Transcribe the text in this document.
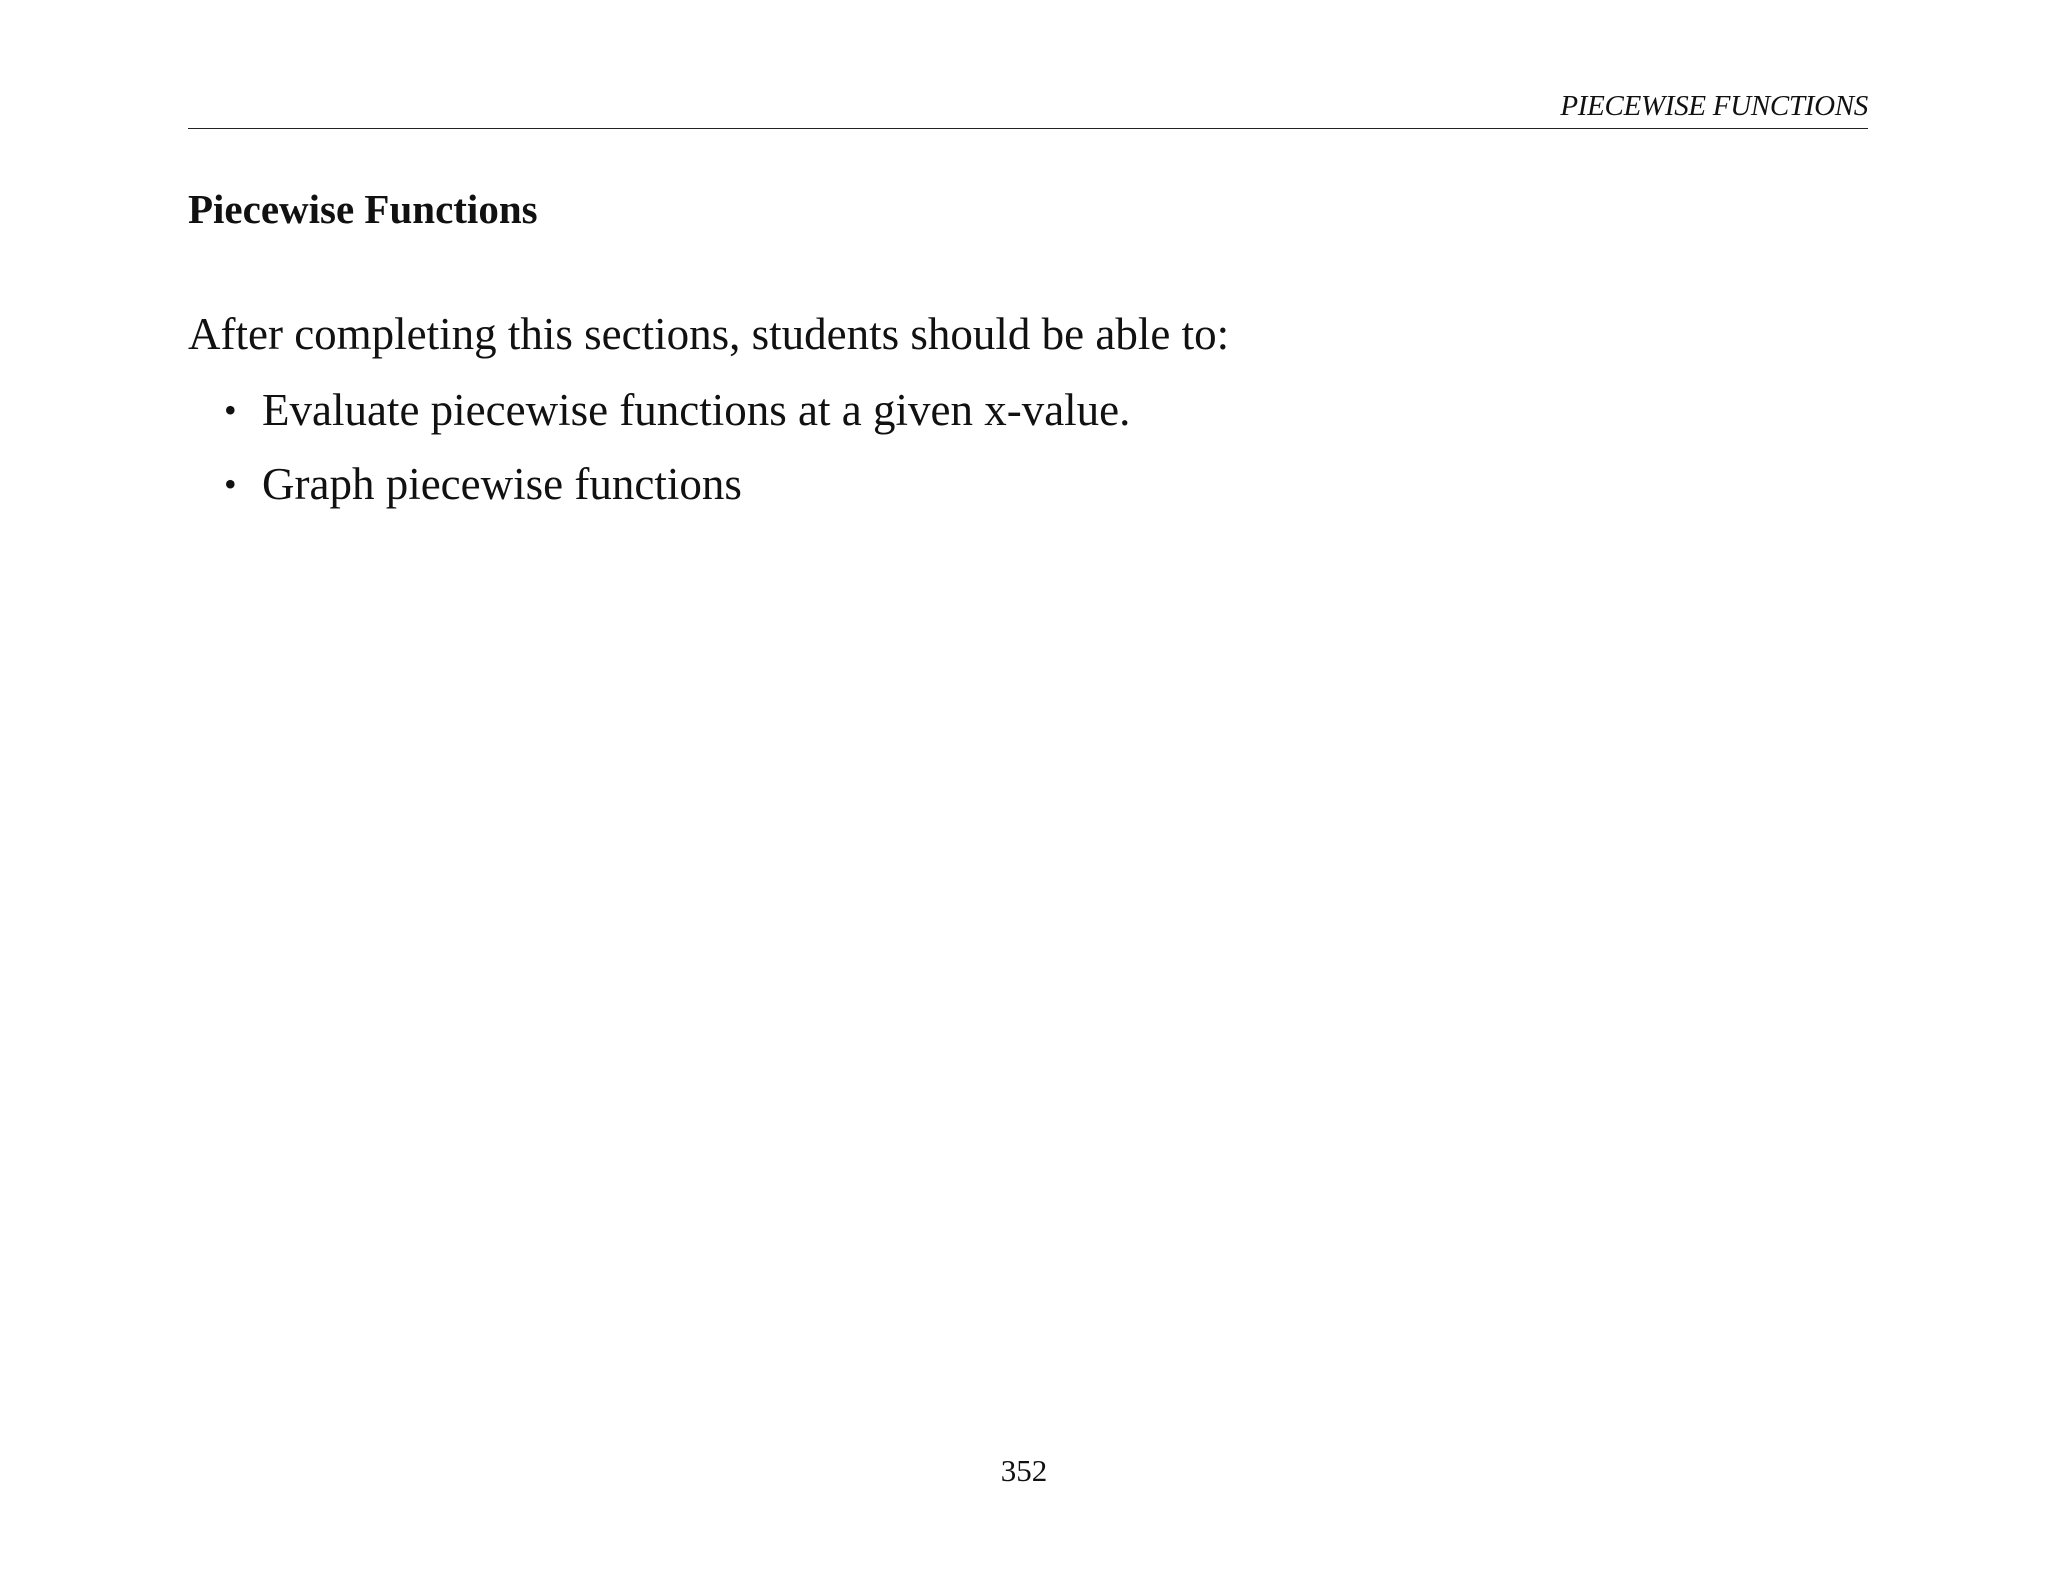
PIECEWISE FUNCTIONS
Piecewise Functions

After completing this sections, students should be able to:

• Evaluate piecewise functions at a given x-value.
• Graph piecewise functions
352
